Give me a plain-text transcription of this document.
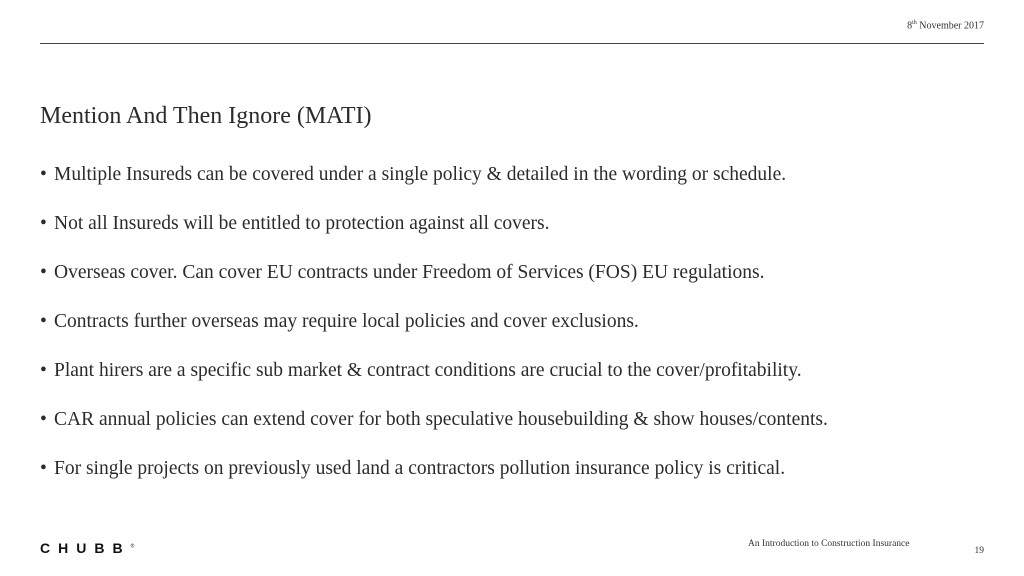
8th November 2017
Mention And Then Ignore (MATI)
• Multiple Insureds can be covered under a single policy & detailed in the wording or schedule.
• Not all Insureds will be entitled to protection against all covers.
• Overseas cover. Can cover EU contracts under Freedom of Services (FOS) EU regulations.
• Contracts further overseas may require local policies and cover exclusions.
• Plant hirers are a specific sub market & contract conditions are crucial to the cover/profitability.
• CAR annual policies can extend cover for both speculative housebuilding & show houses/contents.
• For single projects on previously used land a contractors pollution insurance policy is critical.
CHUBB®	An Introduction to Construction Insurance
19
